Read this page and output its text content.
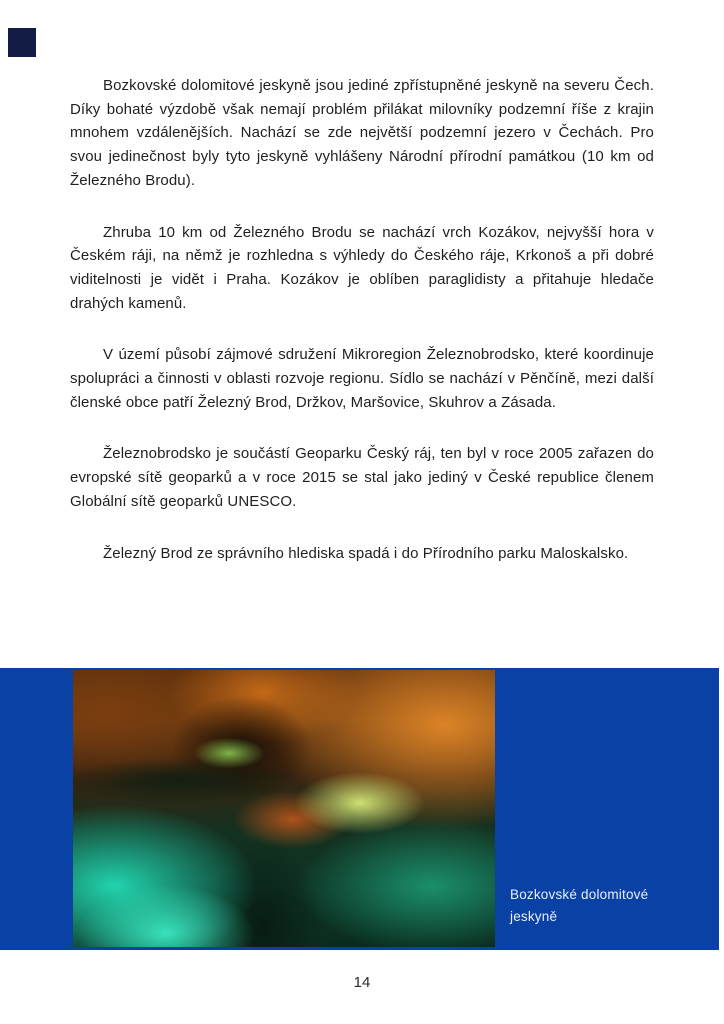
Bozkovské dolomitové jeskyně jsou jediné zpřístupněné jeskyně na severu Čech. Díky bohaté výzdobě však nemají problém přilákat milovníky podzemní říše z krajin mnohem vzdálenějších. Nachází se zde největší podzemní jezero v Čechách. Pro svou jedinečnost byly tyto jeskyně vyhlášeny Národní přírodní památkou (10 km od Železného Brodu).

Zhruba 10 km od Železného Brodu se nachází vrch Kozákov, nejvyšší hora v Českém ráji, na němž je rozhledna s výhledy do Českého ráje, Krkonoš a při dobré viditelnosti je vidět i Praha. Kozákov je oblíben paraglidisty a přitahuje hledače drahých kamenů.

V území působí zájmové sdružení Mikroregion Železnobrodsko, které koordinuje spolupráci a činnosti v oblasti rozvoje regionu. Sídlo se nachází v Pěnčíně, mezi další členské obce patří Železný Brod, Držkov, Maršovice, Skuhrov a Zásada.

Železnobrodsko je součástí Geoparku Český ráj, ten byl v roce 2005 zařazen do evropské sítě geoparků a v roce 2015 se stal jako jediný v České republice členem Globální sítě geoparků UNESCO.

Železný Brod ze správního hlediska spadá i do Přírodního parku Maloskalsko.

Bozkovské dolomitové jeskyně
14
